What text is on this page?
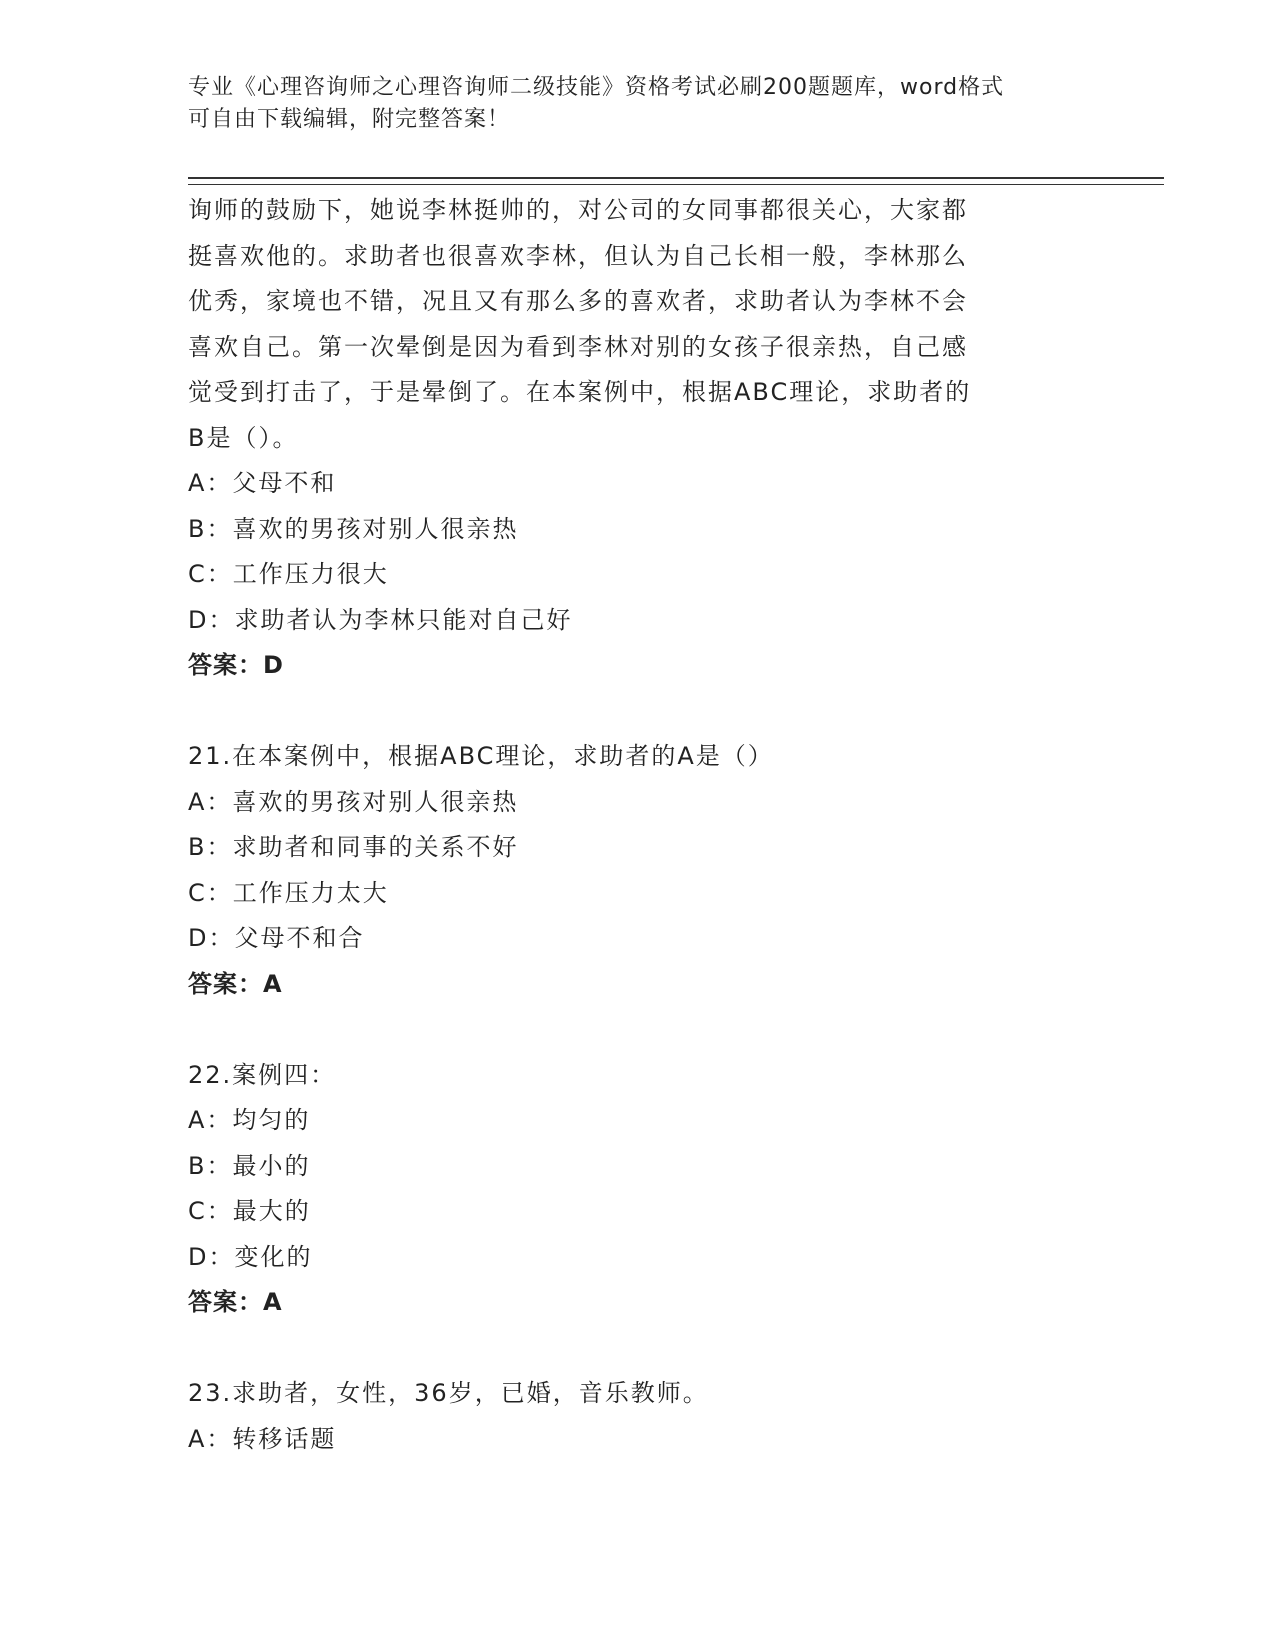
专业《心理咨询师之心理咨询师二级技能》资格考试必刷200题题库，word格式
可自由下载编辑，附完整答案！
询师的鼓励下，她说李林挺帅的，对公司的女同事都很关心，大家都
挺喜欢他的。求助者也很喜欢李林，但认为自己长相一般，李林那么
优秀，家境也不错，况且又有那么多的喜欢者，求助者认为李林不会
喜欢自己。第一次晕倒是因为看到李林对别的女孩子很亲热，自己感
觉受到打击了，于是晕倒了。在本案例中，根据ABC理论，求助者的
B是（）。
A：父母不和
B：喜欢的男孩对别人很亲热
C：工作压力很大
D：求助者认为李林只能对自己好
答案：D
21.在本案例中，根据ABC理论，求助者的A是（）
A：喜欢的男孩对别人很亲热
B：求助者和同事的关系不好
C：工作压力太大
D：父母不和合
答案：A
22.案例四：
A：均匀的
B：最小的
C：最大的
D：变化的
答案：A
23.求助者，女性，36岁，已婚，音乐教师。
A：转移话题
